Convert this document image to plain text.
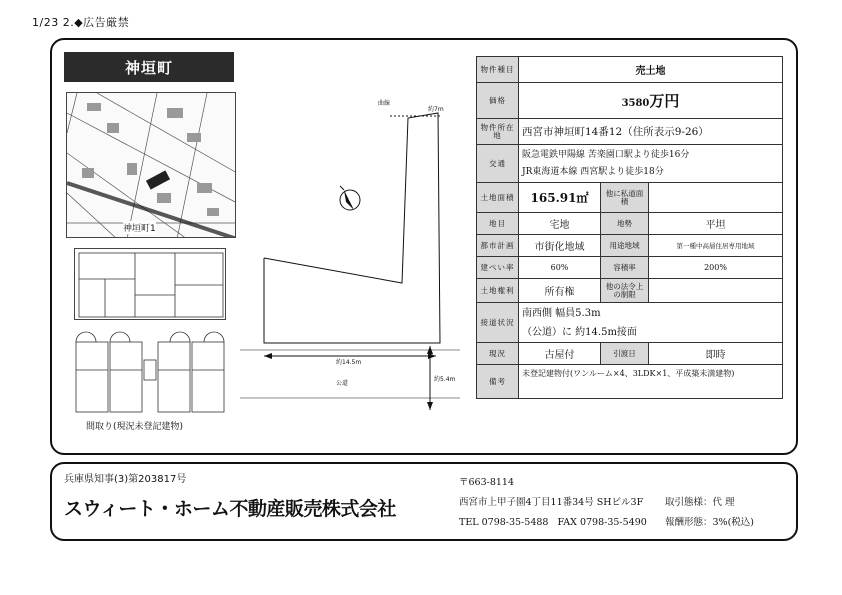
1/23 2.◆広告厳禁
神垣町
神垣町1
間取り(現況未登記建物)
曲線
約7m
約14.5m
公道
約5.4m
物件種目	売土地		
価格	3580万円		
物件所在地	西宮市神垣町14番12（住所表示9-26）		
交通	阪急電鉄甲陽線 苦楽園口駅より徒歩16分
JR東海道本線 西宮駅より徒歩18分		

土地面積	165.91㎡	他に私道面積	
地目	宅地	地勢	平坦
都市計画	市街化地域	用途地域	第一種中高層住居専用地域
建ぺい率	60%	容積率	200%
土地権利	所有権	他の法令上の制限	
接道状況	南西側 幅員5.3m
（公道）に 約14.5m接面		

現況	古屋付	引渡日	即時
備考	未登記建物付(ワンルーム×4、3LDK×1、平成築未満建物)		
兵庫県知事(3)第203817号
スウィート・ホーム不動産販売株式会社
〒663-8114
西宮市上甲子園4丁目11番34号 SHビル3F
TEL 0798-35-5488 FAX 0798-35-5490
取引態様：代 理
報酬形態：3%(税込)
